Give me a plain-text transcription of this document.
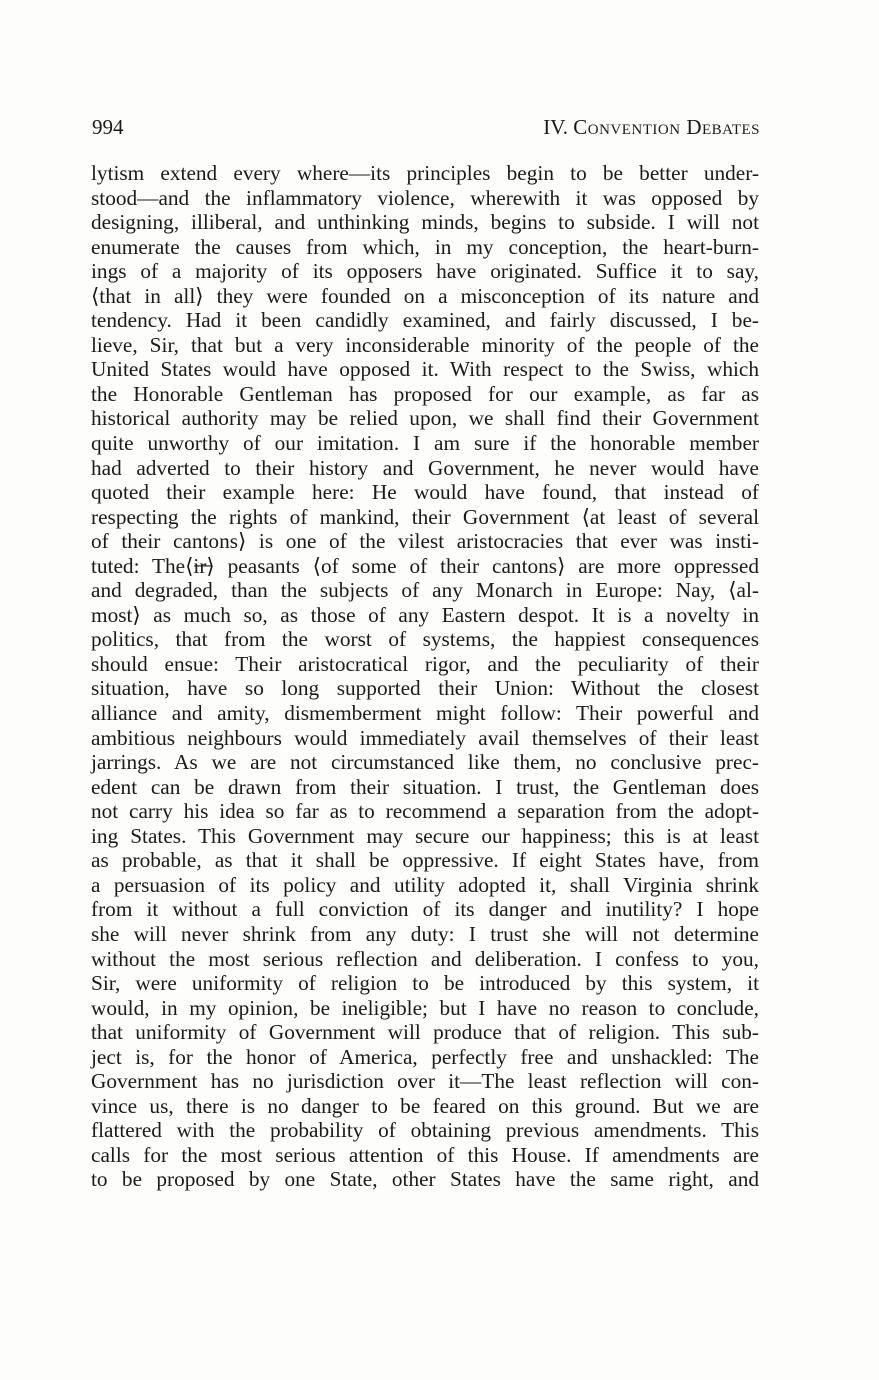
994	IV. Convention Debates
lytism extend every where—its principles begin to be better under-
stood—and the inflammatory violence, wherewith it was opposed by
designing, illiberal, and unthinking minds, begins to subside. I will not
enumerate the causes from which, in my conception, the heart-burn-
ings of a majority of its opposers have originated. Suffice it to say,
⟨that in all⟩ they were founded on a misconception of its nature and
tendency. Had it been candidly examined, and fairly discussed, I be-
lieve, Sir, that but a very inconsiderable minority of the people of the
United States would have opposed it. With respect to the Swiss, which
the Honorable Gentleman has proposed for our example, as far as
historical authority may be relied upon, we shall find their Government
quite unworthy of our imitation. I am sure if the honorable member
had adverted to their history and Government, he never would have
quoted their example here: He would have found, that instead of
respecting the rights of mankind, their Government ⟨at least of several
of their cantons⟩ is one of the vilest aristocracies that ever was insti-
tuted: The⟨i̶r̶⟩ peasants ⟨of some of their cantons⟩ are more oppressed
and degraded, than the subjects of any Monarch in Europe: Nay, ⟨al-
most⟩ as much so, as those of any Eastern despot. It is a novelty in
politics, that from the worst of systems, the happiest consequences
should ensue: Their aristocratical rigor, and the peculiarity of their
situation, have so long supported their Union: Without the closest
alliance and amity, dismemberment might follow: Their powerful and
ambitious neighbours would immediately avail themselves of their least
jarrings. As we are not circumstanced like them, no conclusive prec-
edent can be drawn from their situation. I trust, the Gentleman does
not carry his idea so far as to recommend a separation from the adopt-
ing States. This Government may secure our happiness; this is at least
as probable, as that it shall be oppressive. If eight States have, from
a persuasion of its policy and utility adopted it, shall Virginia shrink
from it without a full conviction of its danger and inutility? I hope
she will never shrink from any duty: I trust she will not determine
without the most serious reflection and deliberation. I confess to you,
Sir, were uniformity of religion to be introduced by this system, it
would, in my opinion, be ineligible; but I have no reason to conclude,
that uniformity of Government will produce that of religion. This sub-
ject is, for the honor of America, perfectly free and unshackled: The
Government has no jurisdiction over it—The least reflection will con-
vince us, there is no danger to be feared on this ground. But we are
flattered with the probability of obtaining previous amendments. This
calls for the most serious attention of this House. If amendments are
to be proposed by one State, other States have the same right, and
